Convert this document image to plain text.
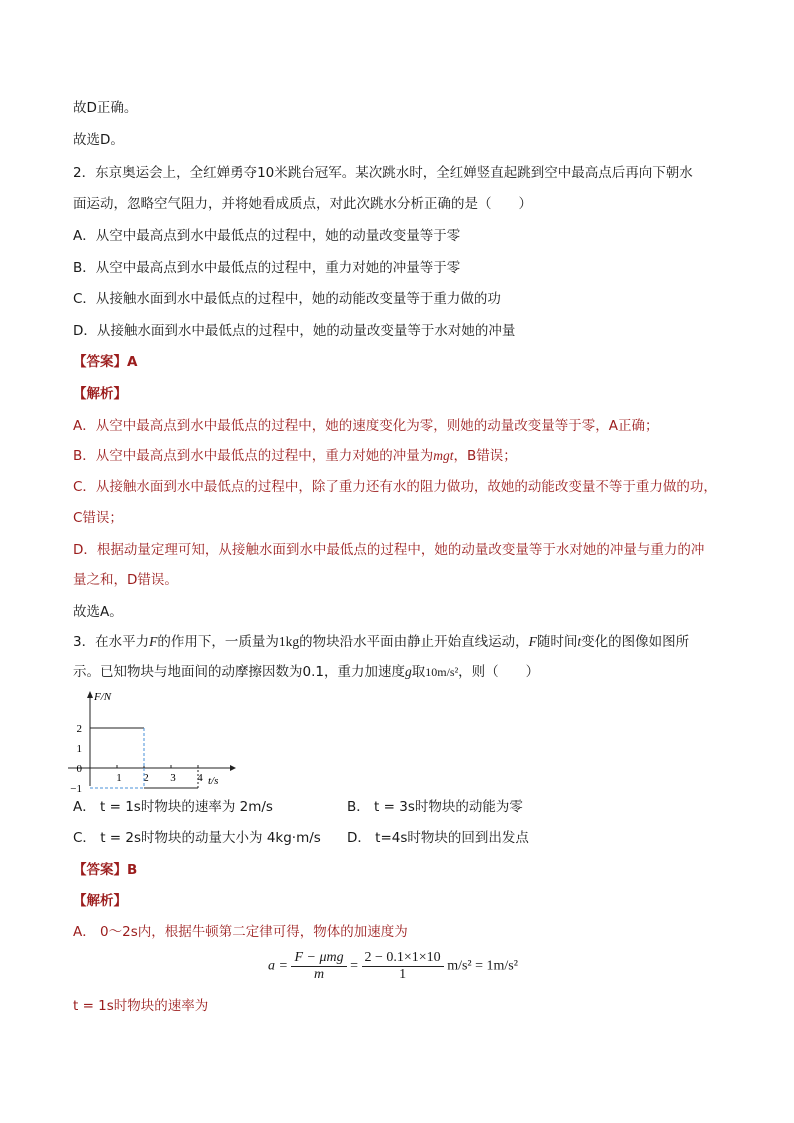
故D正确。
故选D。
2．东京奥运会上，全红婵勇夺10米跳台冠军。某次跳水时，全红婵竖直起跳到空中最高点后再向下朝水
面运动，忽略空气阻力，并将她看成质点，对此次跳水分析正确的是（　　）
A．从空中最高点到水中最低点的过程中，她的动量改变量等于零
B．从空中最高点到水中最低点的过程中，重力对她的冲量等于零
C．从接触水面到水中最低点的过程中，她的动能改变量等于重力做的功
D．从接触水面到水中最低点的过程中，她的动量改变量等于水对她的冲量
【答案】A
【解析】
A．从空中最高点到水中最低点的过程中，她的速度变化为零，则她的动量改变量等于零，A正确；
B．从空中最高点到水中最低点的过程中，重力对她的冲量为mgt，B错误；
C．从接触水面到水中最低点的过程中，除了重力还有水的阻力做功，故她的动能改变量不等于重力做的功，
C错误；
D．根据动量定理可知，从接触水面到水中最低点的过程中，她的动量改变量等于水对她的冲量与重力的冲
量之和，D错误。
故选A。
3．在水平力F的作用下，一质量为1kg的物块沿水平面由静止开始直线运动，F随时间t变化的图像如图所
示。已知物块与地面间的动摩擦因数为0.1，重力加速度g取10m/s²，则（　　）
F/N
t/s
2
1
0
−1
1 2 3 4
A． t = 1s时物块的速率为 2m/s	B． t = 3s时物块的动能为零
C． t = 2s时物块的动量大小为 4kg·m/s D． t=4s时物块的回到出发点
【答案】B
【解析】
A． 0～2s内，根据牛顿第二定律可得，物体的加速度为
$a = \frac{\text{F − μmg}}{m} = \frac{2 - 0.1\times 1\times 10}{1} m/s^2 = 1m/s^2$
t = 1s时物块的速率为
